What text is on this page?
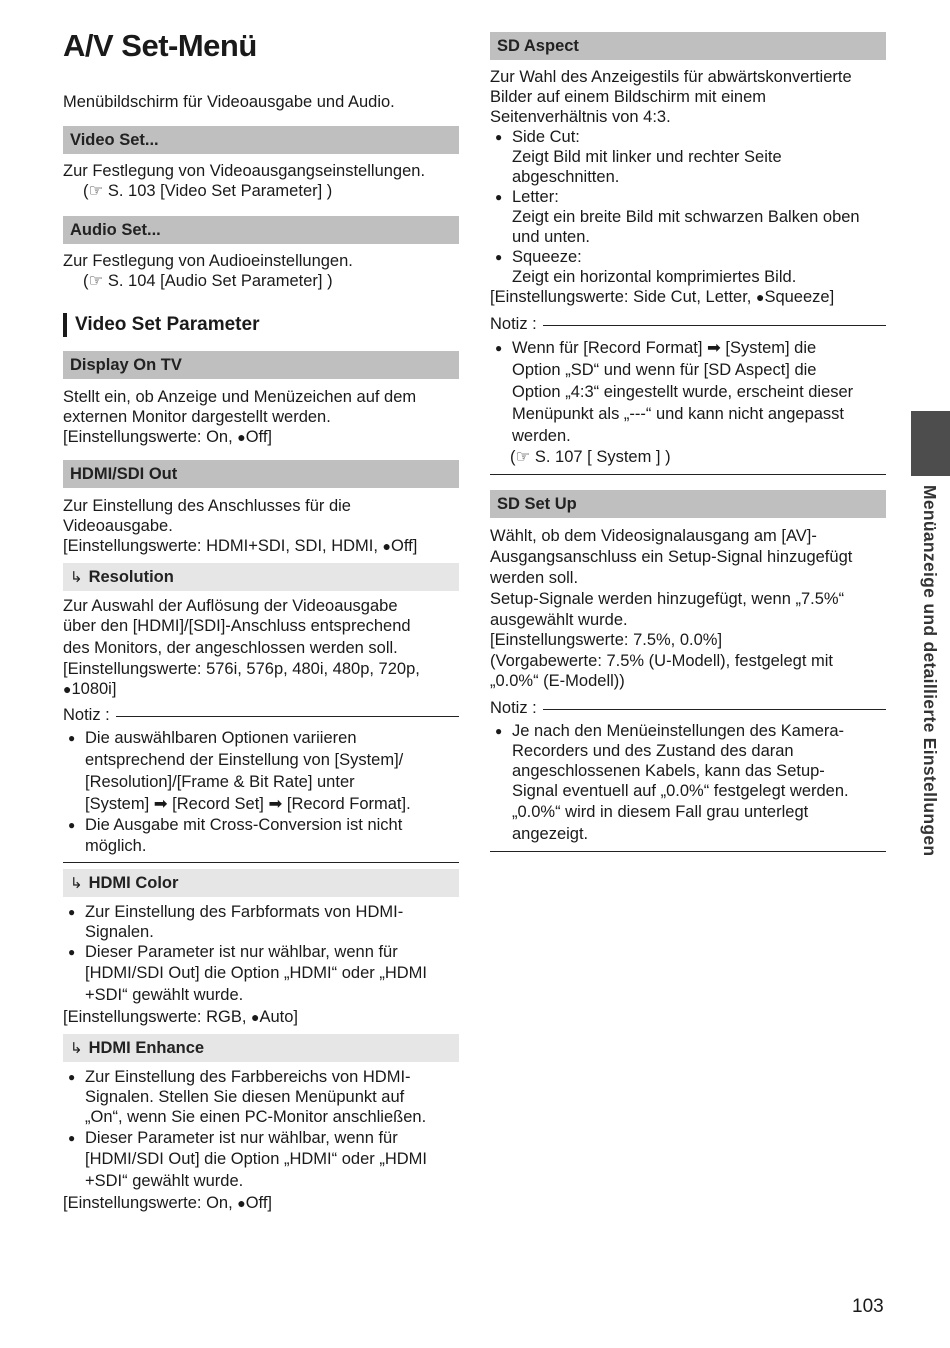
A/V Set-Menü
Menübildschirm für Videoausgabe und Audio.
Video Set...
Zur Festlegung von Videoausgangseinstellungen.
(☞ S. 103 [Video Set Parameter] )
Audio Set...
Zur Festlegung von Audioeinstellungen.
(☞ S. 104 [Audio Set Parameter] )
Video Set Parameter
Display On TV
Stellt ein, ob Anzeige und Menüzeichen auf dem
externen Monitor dargestellt werden.
[Einstellungswerte: On, ●Off]
HDMI/SDI Out
Zur Einstellung des Anschlusses für die
Videoausgabe.
[Einstellungswerte: HDMI+SDI, SDI, HDMI, ●Off]
↳ Resolution
Zur Auswahl der Auflösung der Videoausgabe
über den [HDMI]/[SDI]-Anschluss entsprechend
des Monitors, der angeschlossen werden soll.
[Einstellungswerte: 576i, 576p, 480i, 480p, 720p,
●1080i]
Notiz :
● Die auswählbaren Optionen variieren
entsprechend der Einstellung von [System]/
[Resolution]/[Frame & Bit Rate] unter
[System] ➡ [Record Set] ➡ [Record Format].
● Die Ausgabe mit Cross-Conversion ist nicht
möglich.
↳ HDMI Color
● Zur Einstellung des Farbformats von HDMI-
Signalen.
● Dieser Parameter ist nur wählbar, wenn für
[HDMI/SDI Out] die Option „HDMI“ oder „HDMI
+SDI“ gewählt wurde.
[Einstellungswerte: RGB, ●Auto]
↳ HDMI Enhance
● Zur Einstellung des Farbbereichs von HDMI-
Signalen. Stellen Sie diesen Menüpunkt auf
„On“, wenn Sie einen PC-Monitor anschließen.
● Dieser Parameter ist nur wählbar, wenn für
[HDMI/SDI Out] die Option „HDMI“ oder „HDMI
+SDI“ gewählt wurde.
[Einstellungswerte: On, ●Off]
SD Aspect
Zur Wahl des Anzeigestils für abwärtskonvertierte
Bilder auf einem Bildschirm mit einem
Seitenverhältnis von 4:3.
● Side Cut:
Zeigt Bild mit linker und rechter Seite
abgeschnitten.
● Letter:
Zeigt ein breite Bild mit schwarzen Balken oben
und unten.
● Squeeze:
Zeigt ein horizontal komprimiertes Bild.
[Einstellungswerte: Side Cut, Letter, ●Squeeze]
Notiz :
● Wenn für [Record Format] ➡ [System] die
Option „SD“ und wenn für [SD Aspect] die
Option „4:3“ eingestellt wurde, erscheint dieser
Menüpunkt als „---“ und kann nicht angepasst
werden.
(☞ S. 107 [ System ] )
SD Set Up
Wählt, ob dem Videosignalausgang am [AV]-
Ausgangsanschluss ein Setup-Signal hinzugefügt
werden soll.
Setup-Signale werden hinzugefügt, wenn „7.5%“
ausgewählt wurde.
[Einstellungswerte: 7.5%, 0.0%]
(Vorgabewerte: 7.5% (U-Modell), festgelegt mit
„0.0%“ (E-Modell))
Notiz :
● Je nach den Menüeinstellungen des Kamera-
Recorders und des Zustand des daran
angeschlossenen Kabels, kann das Setup-
Signal eventuell auf „0.0%“ festgelegt werden.
„0.0%“ wird in diesem Fall grau unterlegt
angezeigt.	Menüanzeige und detaillierte Einstellungen
103
